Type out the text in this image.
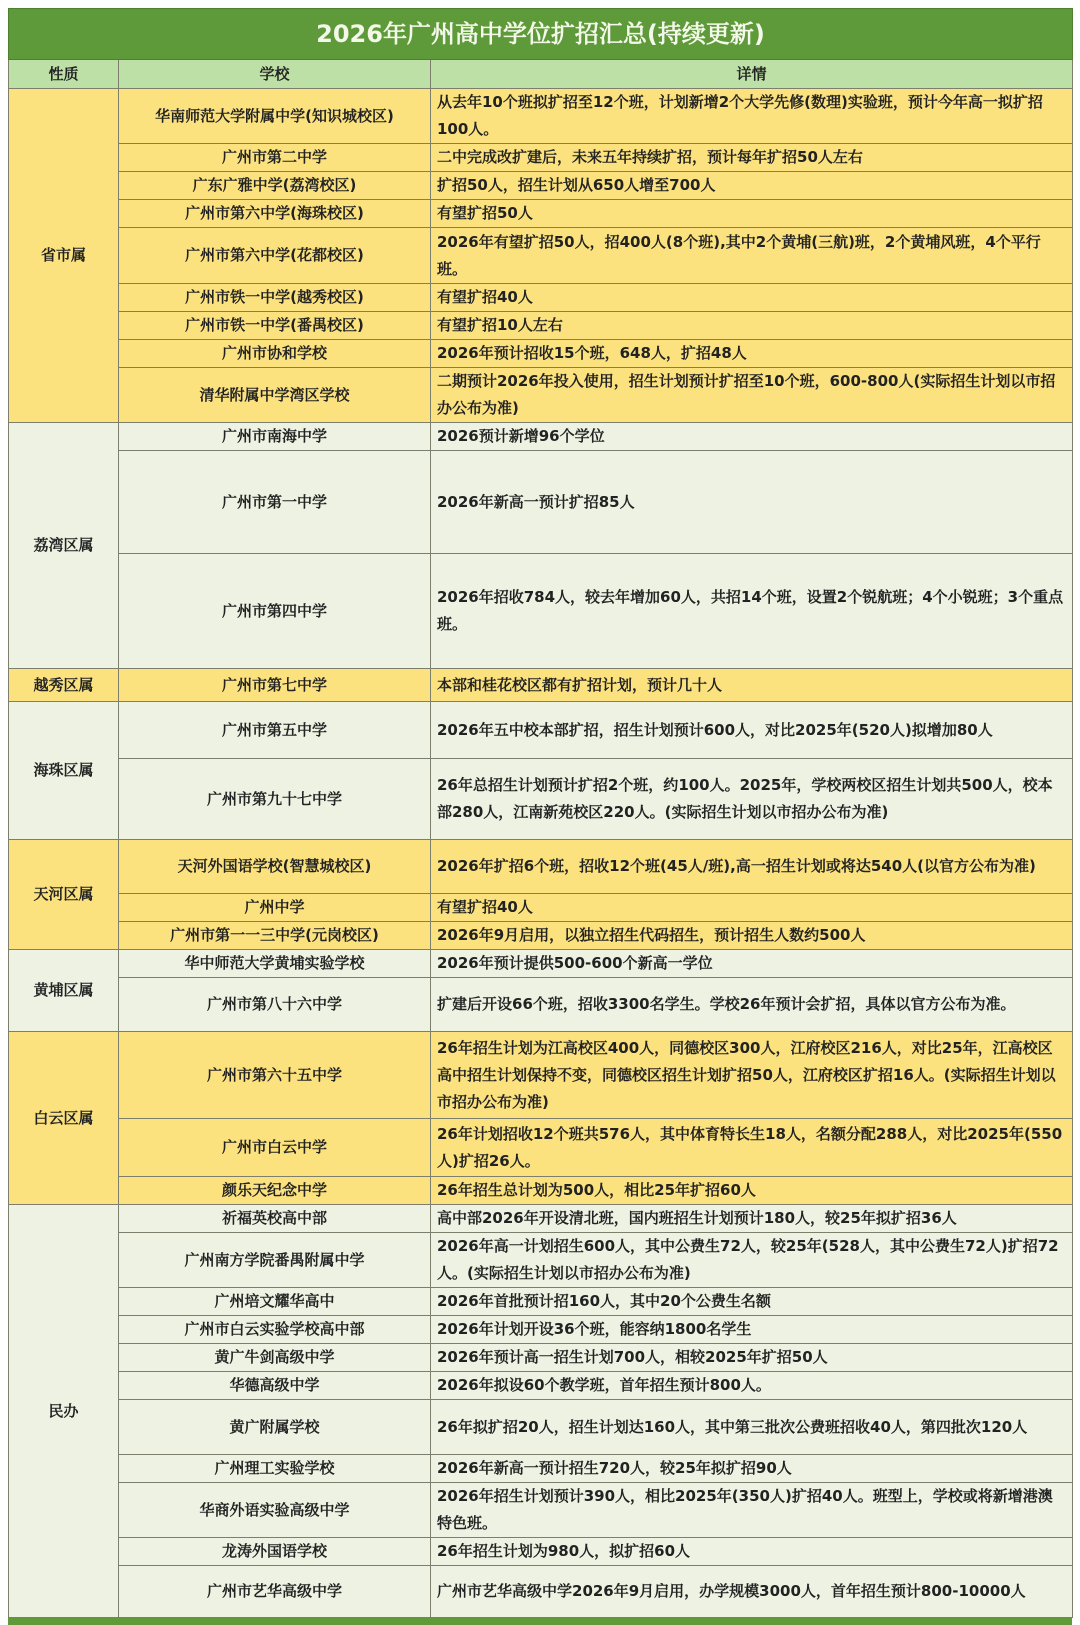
2026年广州高中学位扩招汇总(持续更新)		
性质	学校	详情
省市属	华南师范大学附属中学(知识城校区)	从去年10个班拟扩招至12个班，计划新增2个大学先修(数理)实验班，预计今年高一拟扩招100人。
	广州市第二中学	二中完成改扩建后，未来五年持续扩招，预计每年扩招50人左右
	广东广雅中学(荔湾校区)	扩招50人，招生计划从650人增至700人
	广州市第六中学(海珠校区)	有望扩招50人
	广州市第六中学(花都校区)	2026年有望扩招50人，招400人(8个班),其中2个黄埔(三航)班，2个黄埔风班，4个平行班。
	广州市铁一中学(越秀校区)	有望扩招40人
	广州市铁一中学(番禺校区)	有望扩招10人左右
	广州市协和学校	2026年预计招收15个班，648人，扩招48人
	清华附属中学湾区学校	二期预计2026年投入使用，招生计划预计扩招至10个班，600-800人(实际招生计划以市招办公布为准)
荔湾区属	广州市南海中学	2026预计新增96个学位
	广州市第一中学	2026年新高一预计扩招85人
	广州市第四中学	2026年招收784人，较去年增加60人，共招14个班，设置2个锐航班；4个小锐班；3个重点班。
越秀区属	广州市第七中学	本部和桂花校区都有扩招计划，预计几十人
海珠区属	广州市第五中学	2026年五中校本部扩招，招生计划预计600人，对比2025年(520人)拟增加80人
	广州市第九十七中学	26年总招生计划预计扩招2个班，约100人。2025年，学校两校区招生计划共500人，校本部280人，江南新苑校区220人。(实际招生计划以市招办公布为准)
天河区属	天河外国语学校(智慧城校区)	2026年扩招6个班，招收12个班(45人/班),高一招生计划或将达540人(以官方公布为准)
	广州中学	有望扩招40人
	广州市第一一三中学(元岗校区)	2026年9月启用，以独立招生代码招生，预计招生人数约500人
黄埔区属	华中师范大学黄埔实验学校	2026年预计提供500-600个新高一学位
	广州市第八十六中学	扩建后开设66个班，招收3300名学生。学校26年预计会扩招，具体以官方公布为准。
白云区属	广州市第六十五中学	26年招生计划为江高校区400人，同德校区300人，江府校区216人，对比25年，江高校区高中招生计划保持不变，同德校区招生计划扩招50人，江府校区扩招16人。(实际招生计划以市招办公布为准)
	广州市白云中学	26年计划招收12个班共576人，其中体育特长生18人，名额分配288人，对比2025年(550人)扩招26人。
	颜乐天纪念中学	26年招生总计划为500人，相比25年扩招60人
民办	祈福英校高中部	高中部2026年开设清北班，国内班招生计划预计180人，较25年拟扩招36人
	广州南方学院番禺附属中学	2026年高一计划招生600人，其中公费生72人，较25年(528人，其中公费生72人)扩招72人。(实际招生计划以市招办公布为准)
	广州培文耀华高中	2026年首批预计招160人，其中20个公费生名额
	广州市白云实验学校高中部	2026年计划开设36个班，能容纳1800名学生
	黄广牛剑高级中学	2026年预计高一招生计划700人，相较2025年扩招50人
	华德高级中学	2026年拟设60个教学班，首年招生预计800人。
	黄广附属学校	26年拟扩招20人，招生计划达160人，其中第三批次公费班招收40人，第四批次120人
	广州理工实验学校	2026年新高一预计招生720人，较25年拟扩招90人
	华商外语实验高级中学	2026年招生计划预计390人，相比2025年(350人)扩招40人。班型上，学校或将新增港澳特色班。
	龙涛外国语学校	26年招生计划为980人，拟扩招60人
	广州市艺华高级中学	广州市艺华高级中学2026年9月启用，办学规模3000人，首年招生预计800-10000人
